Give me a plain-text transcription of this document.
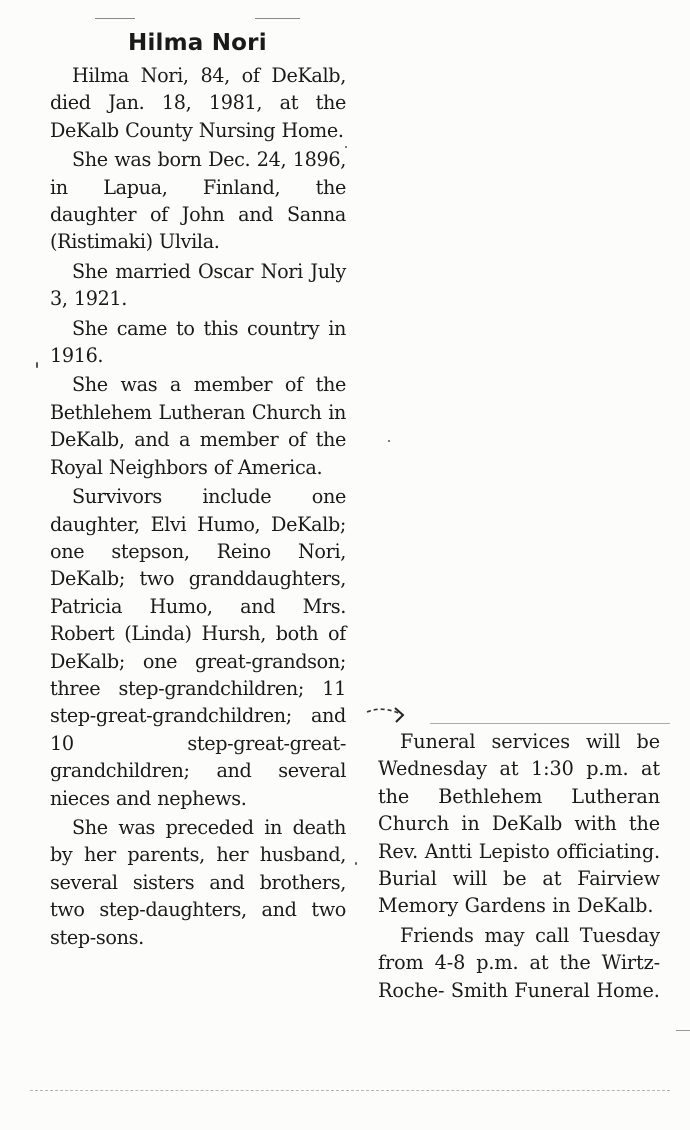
Hilma Nori

Hilma Nori, 84, of DeKalb, died Jan. 18, 1981, at the DeKalb County Nursing Home.

She was born Dec. 24, 1896, in Lapua, Finland, the daughter of John and Sanna (Ristimaki) Ulvila.

She married Oscar Nori July 3, 1921.

She came to this country in 1916.

She was a member of the Bethlehem Lutheran Church in DeKalb, and a member of the Royal Neighbors of America.

Survivors include one daughter, Elvi Humo, DeKalb; one stepson, Reino Nori, DeKalb; two granddaughters, Patricia Humo, and Mrs. Robert (Linda) Hursh, both of DeKalb; one great-grandson; three step-grandchildren; 11 step-great-grandchildren; and 10 step-great-great-grandchildren; and several nieces and nephews.

She was preceded in death by her parents, her husband, several sisters and brothers, two step-daughters, and two step-sons.

Funeral services will be Wednesday at 1:30 p.m. at the Bethlehem Lutheran Church in DeKalb with the Rev. Antti Lepisto officiating. Burial will be at Fairview Memory Gardens in DeKalb.

Friends may call Tuesday from 4-8 p.m. at the Wirtz- Roche- Smith Funeral Home.
